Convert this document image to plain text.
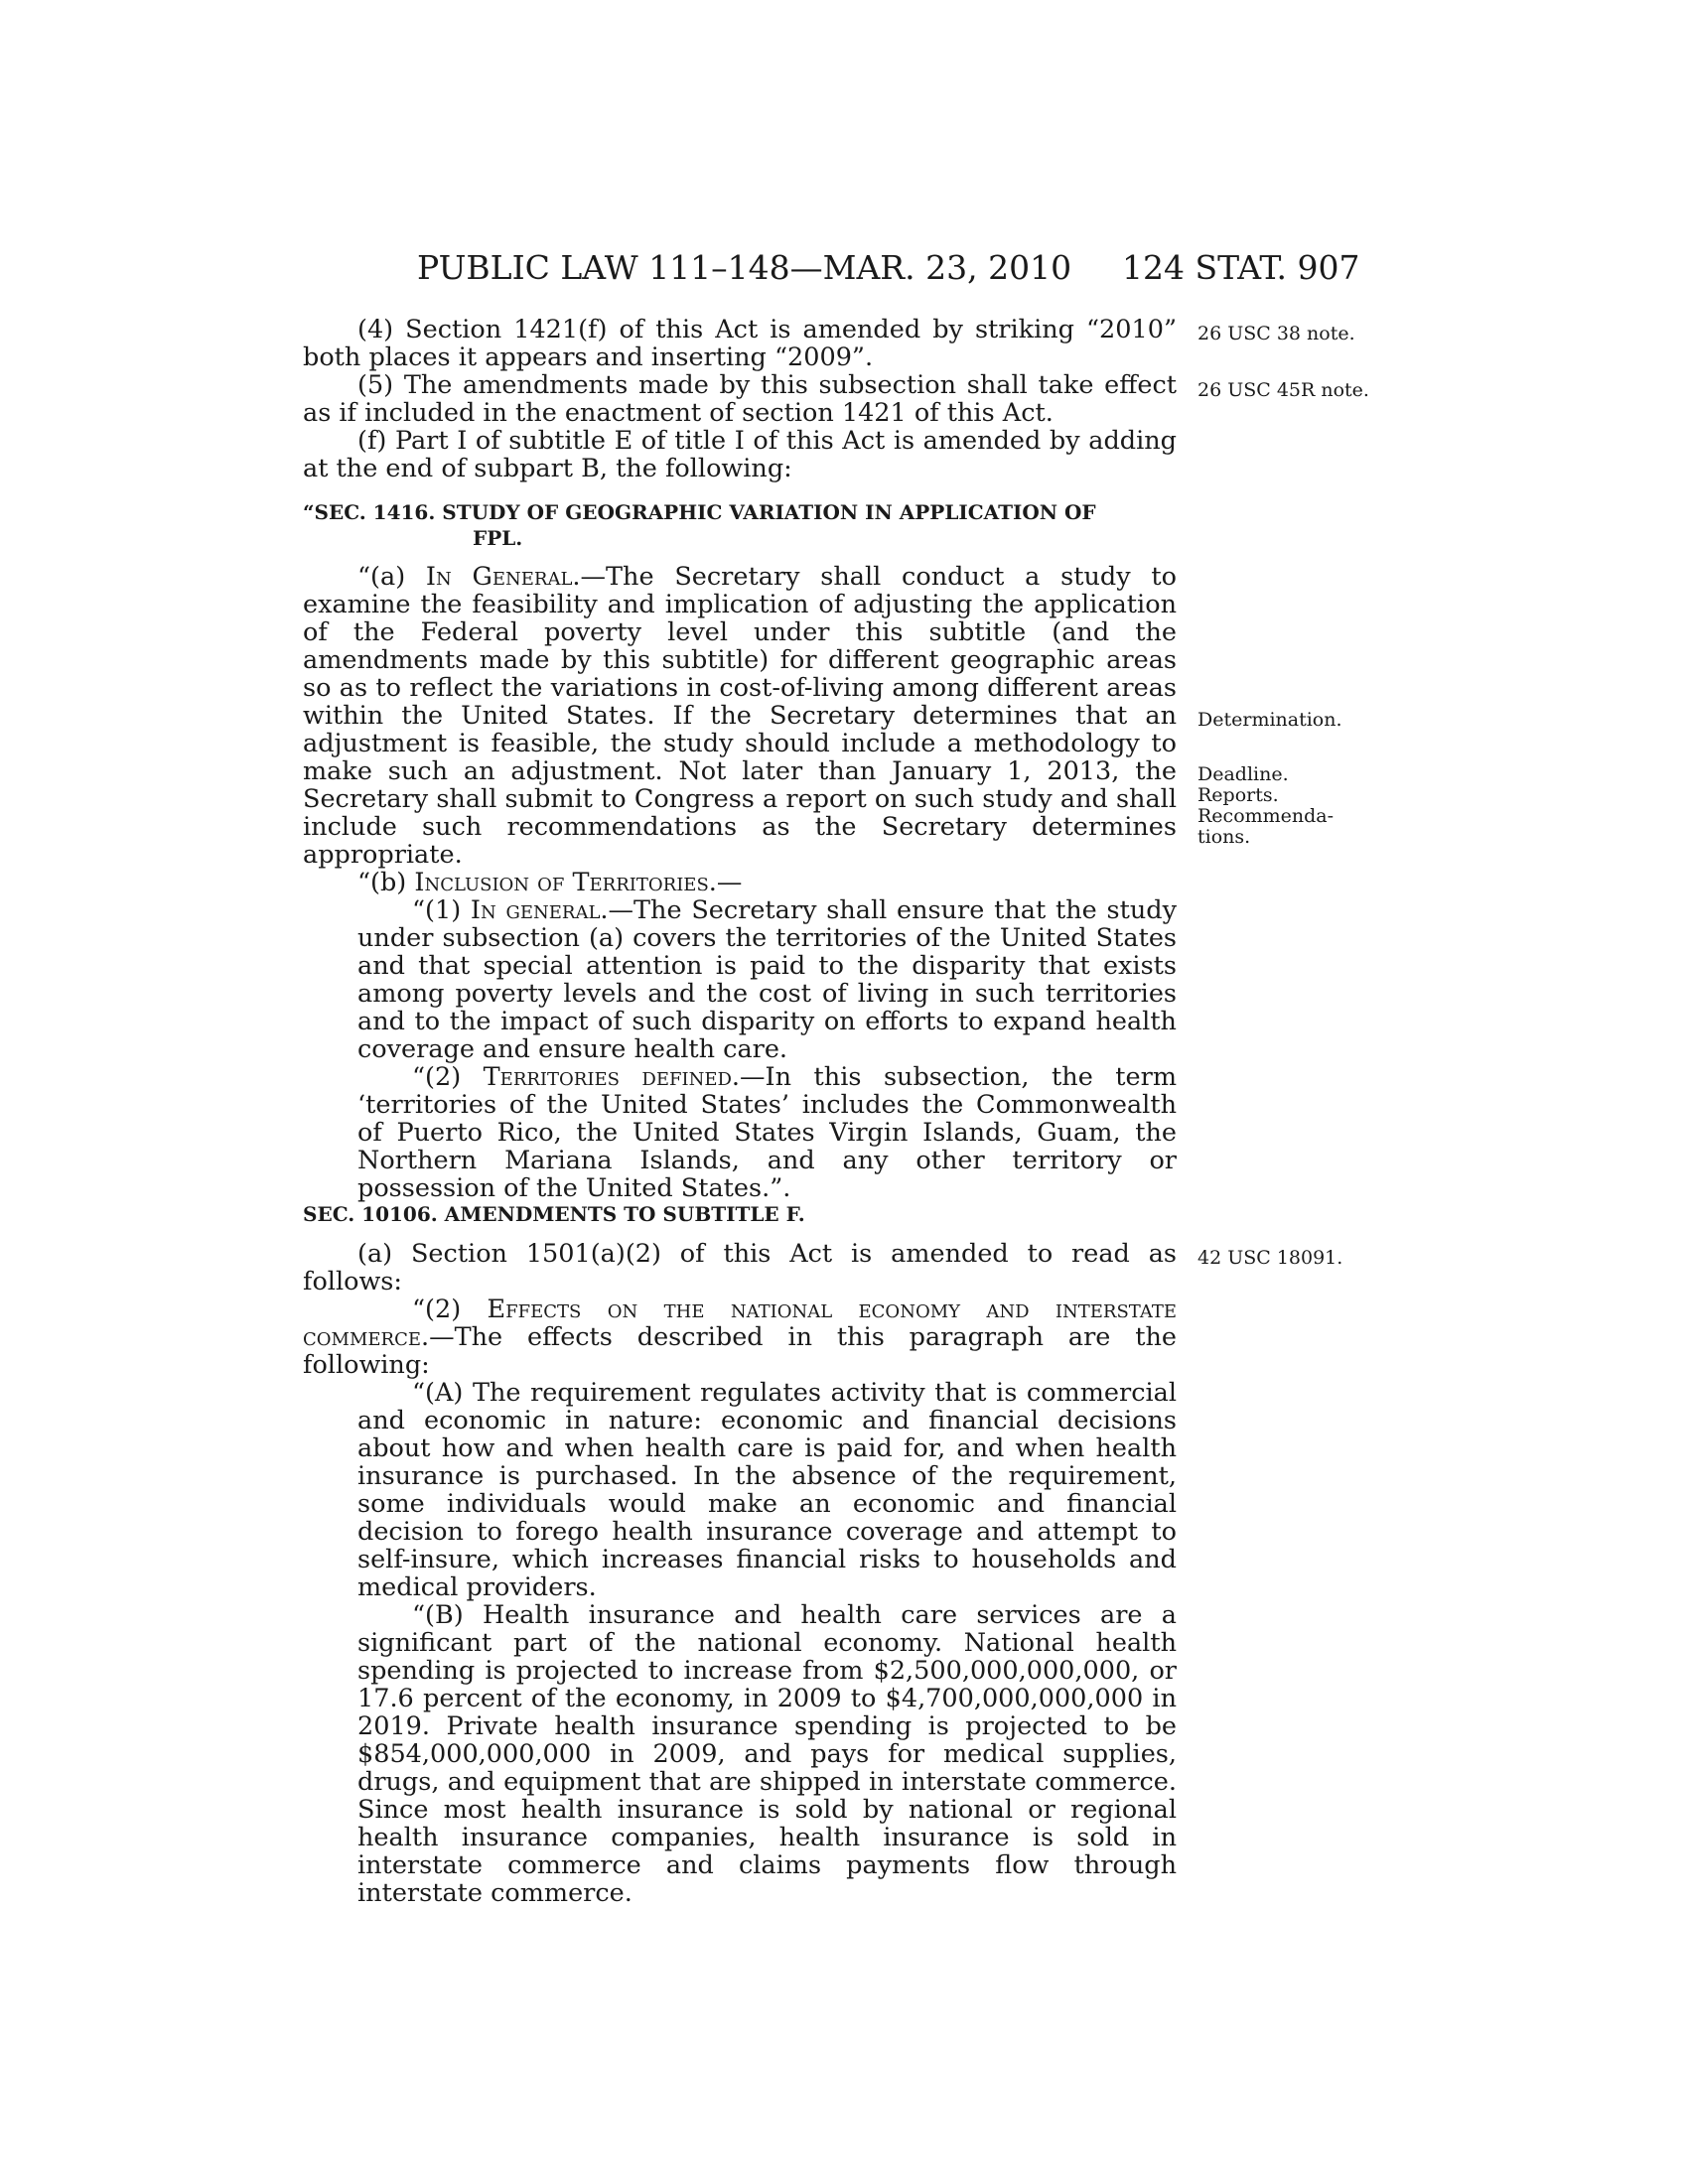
PUBLIC LAW 111–148—MAR. 23, 2010 124 STAT. 907

(4) Section 1421(f) of this Act is amended by striking “2010” both places it appears and inserting “2009”.

(5) The amendments made by this subsection shall take effect as if included in the enactment of section 1421 of this Act.

(f) Part I of subtitle E of title I of this Act is amended by adding at the end of subpart B, the following:

“SEC. 1416. STUDY OF GEOGRAPHIC VARIATION IN APPLICATION OF
FPL.

“(a) In General.—The Secretary shall conduct a study to examine the feasibility and implication of adjusting the application of the Federal poverty level under this subtitle (and the amendments made by this subtitle) for different geographic areas so as to reflect the variations in cost-of-living among different areas within the United States. If the Secretary determines that an adjustment is feasible, the study should include a methodology to make such an adjustment. Not later than January 1, 2013, the Secretary shall submit to Congress a report on such study and shall include such recommendations as the Secretary determines appropriate.

“(b) Inclusion of Territories.—

“(1) In general.—The Secretary shall ensure that the study under subsection (a) covers the territories of the United States and that special attention is paid to the disparity that exists among poverty levels and the cost of living in such territories and to the impact of such disparity on efforts to expand health coverage and ensure health care.

“(2) Territories defined.—In this subsection, the term ‘territories of the United States’ includes the Commonwealth of Puerto Rico, the United States Virgin Islands, Guam, the Northern Mariana Islands, and any other territory or possession of the United States.”.

SEC. 10106. AMENDMENTS TO SUBTITLE F.

(a) Section 1501(a)(2) of this Act is amended to read as follows:

“(2) Effects on the national economy and interstate commerce.—The effects described in this paragraph are the following:

“(A) The requirement regulates activity that is commercial and economic in nature: economic and financial decisions about how and when health care is paid for, and when health insurance is purchased. In the absence of the requirement, some individuals would make an economic and financial decision to forego health insurance coverage and attempt to self-insure, which increases financial risks to households and medical providers.

“(B) Health insurance and health care services are a significant part of the national economy. National health spending is projected to increase from $2,500,000,000,000, or 17.6 percent of the economy, in 2009 to $4,700,000,000,000 in 2019. Private health insurance spending is projected to be $854,000,000,000 in 2009, and pays for medical supplies, drugs, and equipment that are shipped in interstate commerce. Since most health insurance is sold by national or regional health insurance companies, health insurance is sold in interstate commerce and claims payments flow through interstate commerce.

26 USC 38 note.
26 USC 45R note.
Determination.
Deadline.
Reports.
Recommenda-
tions.
42 USC 18091.
